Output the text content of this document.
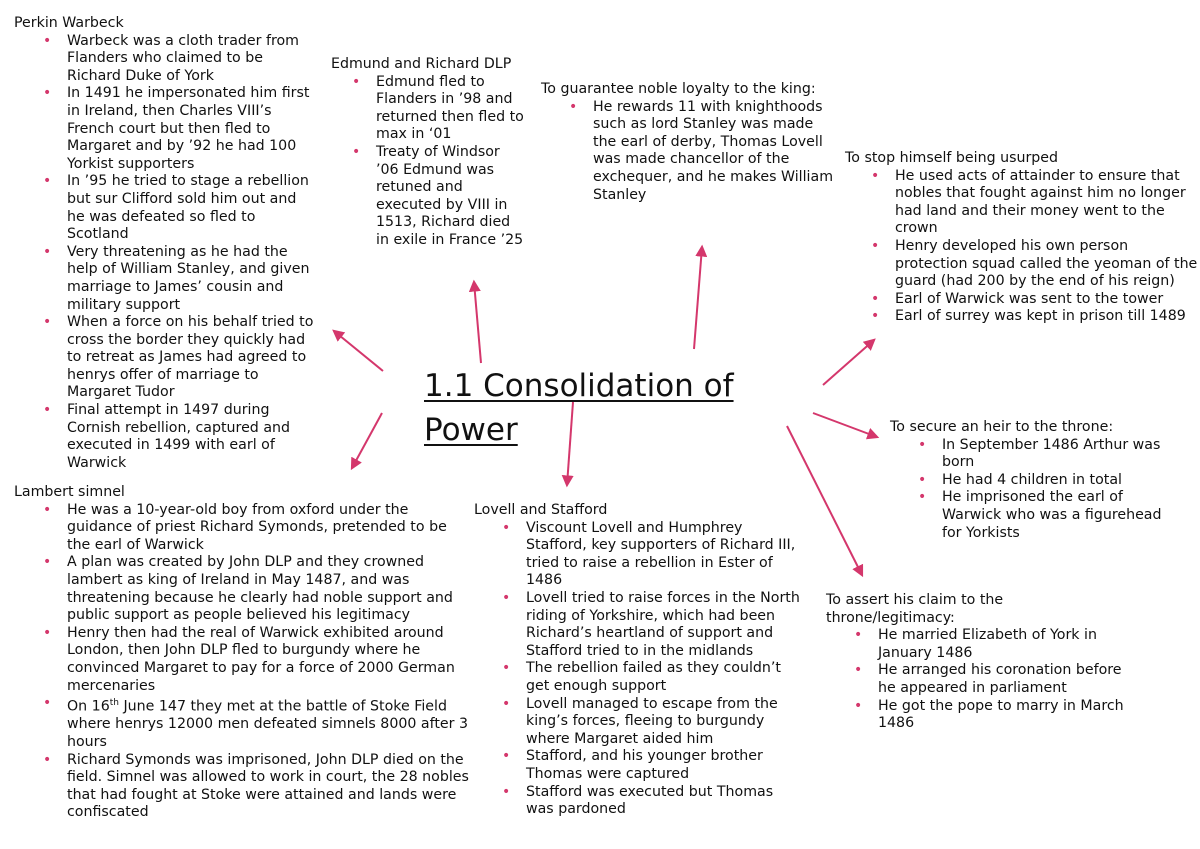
1.1 Consolidation of Power
Perkin Warbeck
• Warbeck was a cloth trader from Flanders who claimed to be Richard Duke of York
• In 1491 he impersonated him first in Ireland, then Charles VIII’s French court but then fled to Margaret and by ’92 he had 100 Yorkist supporters
• In ’95 he tried to stage a rebellion but sur Clifford sold him out and he was defeated so fled to Scotland
• Very threatening as he had the help of William Stanley, and given marriage to James’ cousin and military support
• When a force on his behalf tried to cross the border they quickly had to retreat as James had agreed to henrys offer of marriage to Margaret Tudor
• Final attempt in 1497 during Cornish rebellion, captured and executed in 1499 with earl of Warwick
Edmund and Richard DLP
• Edmund fled to Flanders in ’98 and returned then fled to max in ‘01
• Treaty of Windsor ’06 Edmund was retuned and executed by VIII in 1513, Richard died in exile in France ’25
To guarantee noble loyalty to the king:
• He rewards 11 with knighthoods such as lord Stanley was made the earl of derby, Thomas Lovell was made chancellor of the exchequer, and he makes William Stanley
To stop himself being usurped
• He used acts of attainder to ensure that nobles that fought against him no longer had land and their money went to the crown
• Henry developed his own person protection squad called the yeoman of the guard (had 200 by the end of his reign)
• Earl of Warwick was sent to the tower
• Earl of surrey was kept in prison till 1489
To secure an heir to the throne:
• In September 1486 Arthur was born
• He had 4 children in total
• He imprisoned the earl of Warwick who was a figurehead for Yorkists
To assert his claim to the throne/legitimacy:
• He married Elizabeth of York in January 1486
• He arranged his coronation before he appeared in parliament
• He got the pope to marry in March 1486
Lovell and Stafford
• Viscount Lovell and Humphrey Stafford, key supporters of Richard III, tried to raise a rebellion in Ester of 1486
• Lovell tried to raise forces in the North riding of Yorkshire, which had been Richard’s heartland of support and Stafford tried to in the midlands
• The rebellion failed as they couldn’t get enough support
• Lovell managed to escape from the king’s forces, fleeing to burgundy where Margaret aided him
• Stafford, and his younger brother Thomas were captured
• Stafford was executed but Thomas was pardoned
Lambert simnel
• He was a 10-year-old boy from oxford under the guidance of priest Richard Symonds, pretended to be the earl of Warwick
• A plan was created by John DLP and they crowned lambert as king of Ireland in May 1487, and was threatening because he clearly had noble support and public support as people believed his legitimacy
• Henry then had the real of Warwick exhibited around London, then John DLP fled to burgundy where he convinced Margaret to pay for a force of 2000 German mercenaries
• On 16th June 147 they met at the battle of Stoke Field where henrys 12000 men defeated simnels 8000 after 3 hours
• Richard Symonds was imprisoned, John DLP died on the field. Simnel was allowed to work in court, the 28 nobles that had fought at Stoke were attained and lands were confiscated
